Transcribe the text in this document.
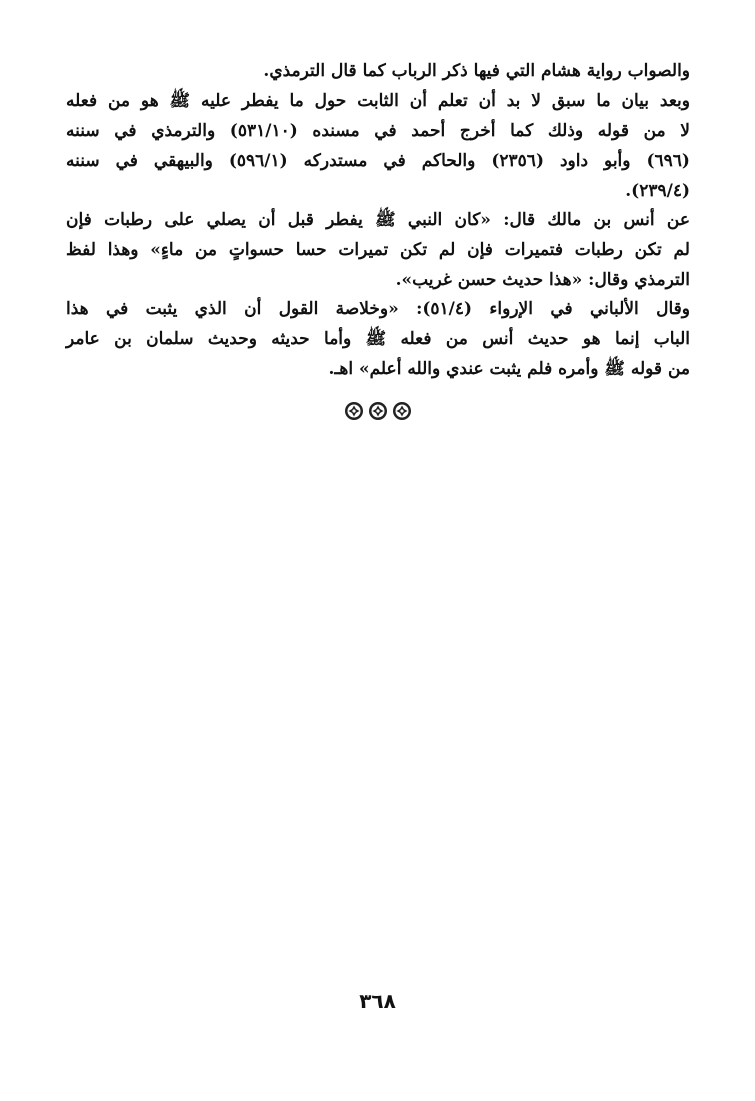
والصواب رواية هشام التي فيها ذكر الرباب كما قال الترمذي.
وبعد بيان ما سبق لا بد أن تعلم أن الثابت حول ما يفطر عليه ﷺ هو من فعله
لا من قوله وذلك كما أخرج أحمد في مسنده (٥٣١/١٠) والترمذي في سننه
(٦٩٦) وأبو داود (٢٣٥٦) والحاكم في مستدركه (٥٩٦/١) والبيهقي في سننه
(٢٣٩/٤).
عن أنس بن مالك قال: «كان النبي ﷺ يفطر قبل أن يصلي على رطبات فإن
لم تكن رطبات فتميرات فإن لم تكن تميرات حسا حسواتٍ من ماءٍ» وهذا لفظ
الترمذي وقال: «هذا حديث حسن غريب».
وقال الألباني في الإرواء (٥١/٤): «وخلاصة القول أن الذي يثبت في هذا
الباب إنما هو حديث أنس من فعله ﷺ وأما حديثه وحديث سلمان بن عامر
من قوله ﷺ وأمره فلم يثبت عندي والله أعلم» اهـ.
٣٦٨
